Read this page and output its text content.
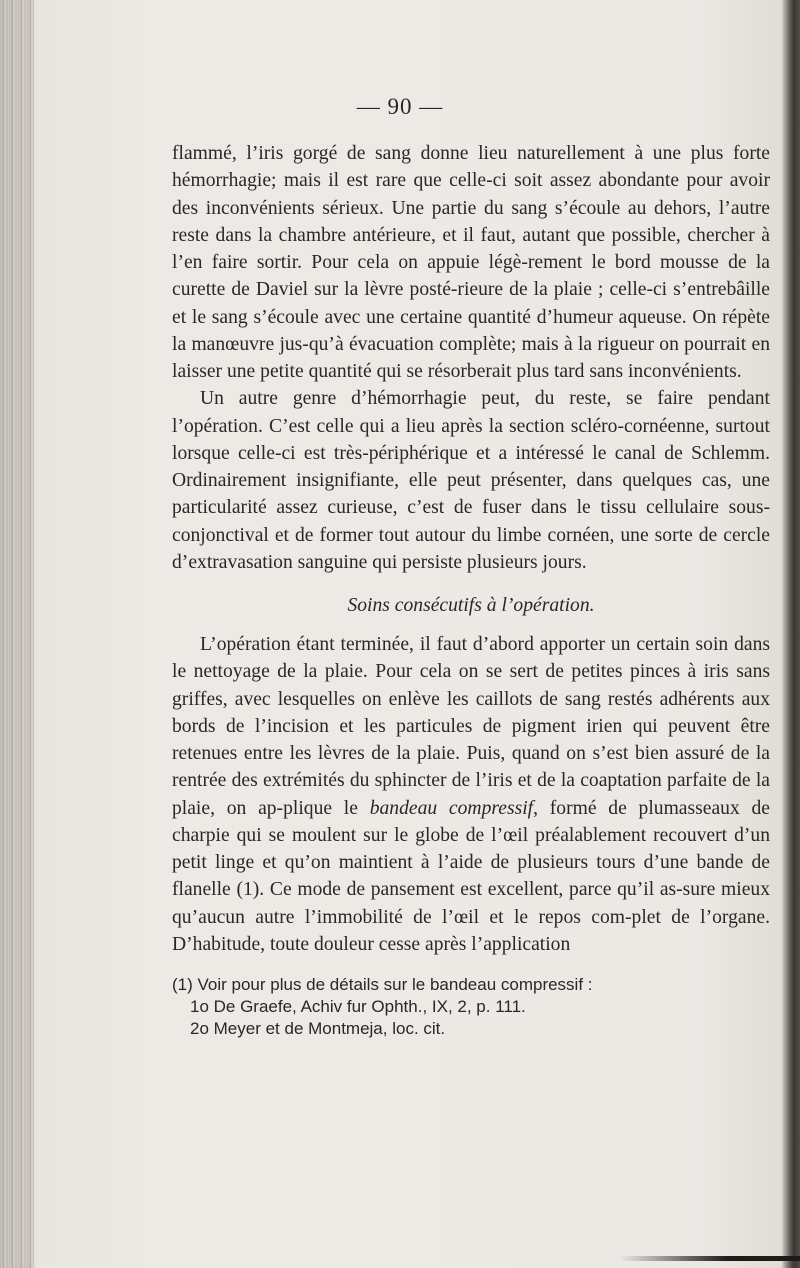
— 90 —

flammé, l’iris gorgé de sang donne lieu naturellement à une plus forte hémorrhagie; mais il est rare que celle-ci soit assez abondante pour avoir des inconvénients sérieux. Une partie du sang s’écoule au dehors, l’autre reste dans la chambre antérieure, et il faut, autant que possible, chercher à l’en faire sortir. Pour cela on appuie légè-rement le bord mousse de la curette de Daviel sur la lèvre posté-rieure de la plaie ; celle-ci s’entrebâille et le sang s’écoule avec une certaine quantité d’humeur aqueuse. On répète la manœuvre jus-qu’à évacuation complète; mais à la rigueur on pourrait en laisser une petite quantité qui se résorberait plus tard sans inconvénients.

Un autre genre d’hémorrhagie peut, du reste, se faire pendant l’opération. C’est celle qui a lieu après la section scléro-cornéenne, surtout lorsque celle-ci est très-périphérique et a intéressé le canal de Schlemm. Ordinairement insignifiante, elle peut présenter, dans quelques cas, une particularité assez curieuse, c’est de fuser dans le tissu cellulaire sous-conjonctival et de former tout autour du limbe cornéen, une sorte de cercle d’extravasation sanguine qui persiste plusieurs jours.

Soins consécutifs à l’opération.

L’opération étant terminée, il faut d’abord apporter un certain soin dans le nettoyage de la plaie. Pour cela on se sert de petites pinces à iris sans griffes, avec lesquelles on enlève les caillots de sang restés adhérents aux bords de l’incision et les particules de pigment irien qui peuvent être retenues entre les lèvres de la plaie. Puis, quand on s’est bien assuré de la rentrée des extrémités du sphincter de l’iris et de la coaptation parfaite de la plaie, on ap-plique le bandeau compressif, formé de plumasseaux de charpie qui se moulent sur le globe de l’œil préalablement recouvert d’un petit linge et qu’on maintient à l’aide de plusieurs tours d’une bande de flanelle (1). Ce mode de pansement est excellent, parce qu’il as-sure mieux qu’aucun autre l’immobilité de l’œil et le repos com-plet de l’organe. D’habitude, toute douleur cesse après l’application

(1) Voir pour plus de détails sur le bandeau compressif :

1o De Graefe, Achiv fur Ophth., IX, 2, p. 111.

2o Meyer et de Montmeja, loc. cit.
